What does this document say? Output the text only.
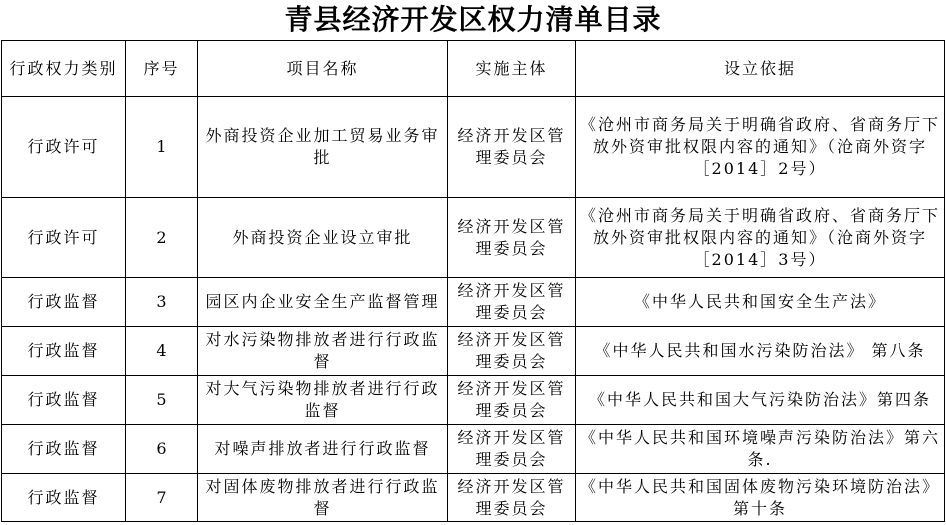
青县经济开发区权力清单目录
行政权力类别	序号	项目名称	实施主体	设立依据
行政许可	1	外商投资企业加工贸易业务审批	经济开发区管理委员会	《沧州市商务局关于明确省政府、省商务厅下放外资审批权限内容的通知》（沧商外资字［2014］2号）
行政许可	2	外商投资企业设立审批	经济开发区管理委员会	《沧州市商务局关于明确省政府、省商务厅下放外资审批权限内容的通知》（沧商外资字［2014］3号）
行政监督	3	园区内企业安全生产监督管理	经济开发区管理委员会	《中华人民共和国安全生产法》
行政监督	4	对水污染物排放者进行行政监督	经济开发区管理委员会	《中华人民共和国水污染防治法》 第八条
行政监督	5	对大气污染物排放者进行行政监督	经济开发区管理委员会	《中华人民共和国大气污染防治法》第四条
行政监督	6	对噪声排放者进行行政监督	经济开发区管理委员会	《中华人民共和国环境噪声污染防治法》第六条.
行政监督	7	对固体废物排放者进行行政监督	经济开发区管理委员会	《中华人民共和国固体废物污染环境防治法》第十条
